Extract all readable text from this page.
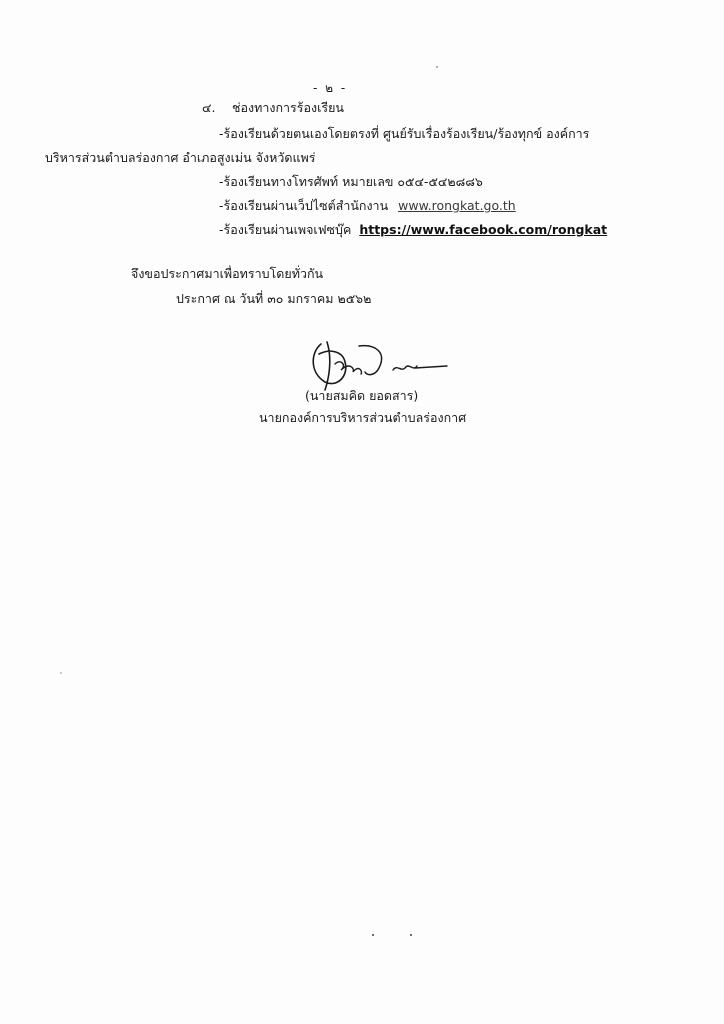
- ๒ -
๔. ช่องทางการร้องเรียน
-ร้องเรียนด้วยตนเองโดยตรงที่ ศูนย์รับเรื่องร้องเรียน/ร้องทุกข์ องค์การ
บริหารส่วนตำบลร่องกาศ อำเภอสูงเม่น จังหวัดแพร่
-ร้องเรียนทางโทรศัพท์ หมายเลข ๐๕๔-๕๔๒๘๘๖
-ร้องเรียนผ่านเว็ปไซต์สำนักงาน www.rongkat.go.th
-ร้องเรียนผ่านเพจเฟซบุ๊ค https://www.facebook.com/rongkat
จึงขอประกาศมาเพื่อทราบโดยทั่วกัน
ประกาศ ณ วันที่ ๓๐ มกราคม ๒๕๖๒
(นายสมคิด ยอดสาร)
นายกองค์การบริหารส่วนตำบลร่องกาศ
